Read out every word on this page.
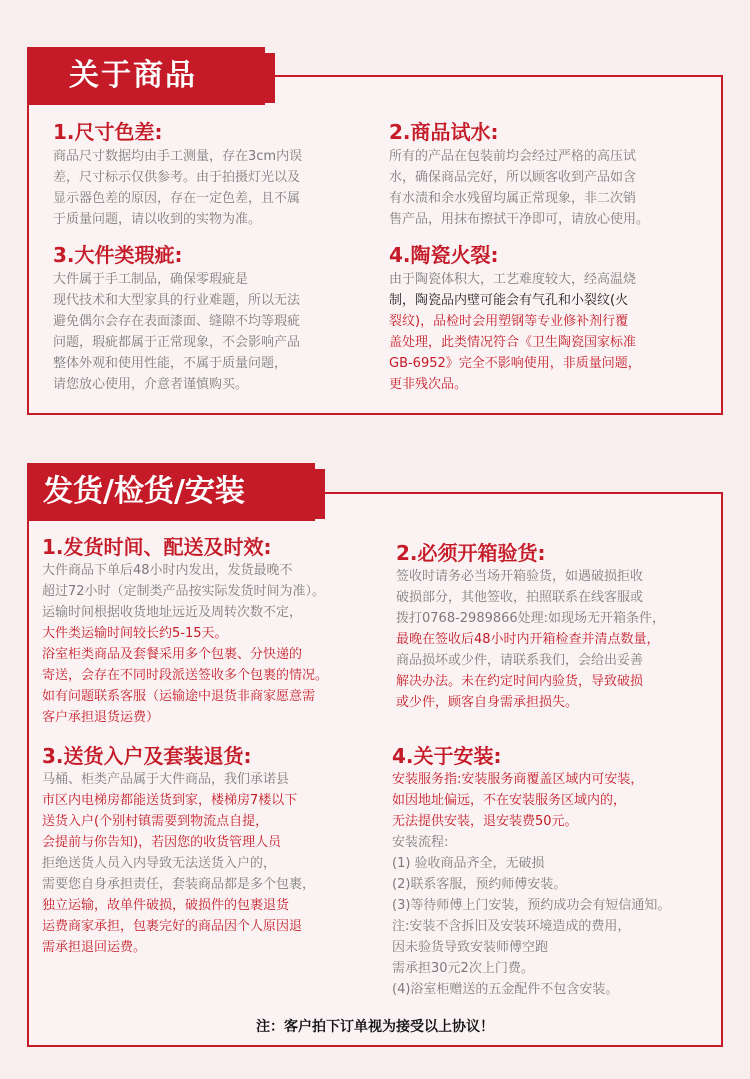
关于商品
1.尺寸色差:
商品尺寸数据均由手工测量，存在3cm内误
差，尺寸标示仅供参考。由于拍摄灯光以及
显示器色差的原因，存在一定色差，且不属
于质量问题，请以收到的实物为准。
2.商品试水:
所有的产品在包装前均会经过严格的高压试
水，确保商品完好，所以顾客收到产品如含
有水渍和余水残留均属正常现象，非二次销
售产品，用抹布擦拭干净即可，请放心使用。
3.大件类瑕疵:
大件属于手工制品，确保零瑕疵是
现代技术和大型家具的行业难题，所以无法
避免偶尔会存在表面漆面、缝隙不均等瑕疵
问题，瑕疵都属于正常现象，不会影响产品
整体外观和使用性能，不属于质量问题，
请您放心使用，介意者谨慎购买。
4.陶瓷火裂:
由于陶瓷体积大，工艺难度较大，经高温烧
制，陶瓷品内壁可能会有气孔和小裂纹(火
裂纹)，品检时会用塑钢等专业修补剂行覆
盖处理，此类情况符合《卫生陶瓷国家标准
GB-6952》完全不影响使用，非质量问题，
更非残次品。
发货/检货/安装
1.发货时间、配送及时效:
大件商品下单后48小时内发出，发货最晚不
超过72小时（定制类产品按实际发货时间为准）。
运输时间根据收货地址远近及周转次数不定，
大件类运输时间较长约5-15天。
浴室柜类商品及套餐采用多个包裹、分快递的
寄送，会存在不同时段派送签收多个包裹的情况。
如有问题联系客服（运输途中退货非商家愿意需
客户承担退货运费）
2.必须开箱验货:
签收时请务必当场开箱验货，如遇破损拒收
破损部分，其他签收，拍照联系在线客服或
拨打0768-2989866处理:如现场无开箱条件，
最晚在签收后48小时内开箱检查并清点数量，
商品损坏或少件，请联系我们，会给出妥善
解决办法。未在约定时间内验货，导致破损
或少件，顾客自身需承担损失。
3.送货入户及套装退货:
马桶、柜类产品属于大件商品，我们承诺县
市区内电梯房都能送货到家，楼梯房7楼以下
送货入户(个别村镇需要到物流点自提，
会提前与你告知)，若因您的收货管理人员
拒绝送货人员入内导致无法送货入户的，
需要您自身承担责任，套装商品都是多个包裹，
独立运输，故单件破损，破损件的包裹退货
运费商家承担，包裹完好的商品因个人原因退
需承担退回运费。
4.关于安装:
安装服务指:安装服务商覆盖区域内可安装，
如因地址偏远，不在安装服务区域内的，
无法提供安装，退安装费50元。
安装流程:
(1) 验收商品齐全，无破损
(2)联系客服，预约师傅安装。
(3)等待师傅上门安装，预约成功会有短信通知。
注:安装不含拆旧及安装环境造成的费用，
因未验货导致安装师傅空跑
需承担30元2次上门费。
(4)浴室柜赠送的五金配件不包含安装。
注：客户拍下订单视为接受以上协议！
